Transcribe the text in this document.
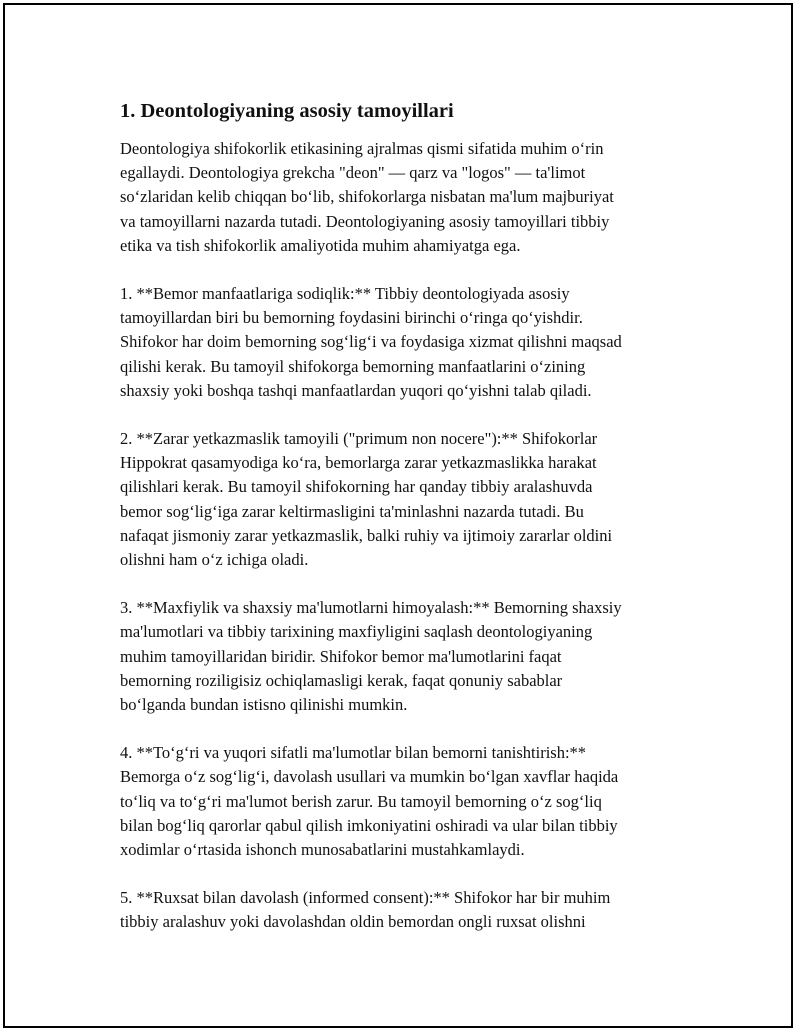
1. Deontologiyaning asosiy tamoyillari

Deontologiya shifokorlik etikasining ajralmas qismi sifatida muhim o‘rin
egallaydi. Deontologiya grekcha "deon" — qarz va "logos" — ta'limot
so‘zlaridan kelib chiqqan bo‘lib, shifokorlarga nisbatan ma'lum majburiyat
va tamoyillarni nazarda tutadi. Deontologiyaning asosiy tamoyillari tibbiy
etika va tish shifokorlik amaliyotida muhim ahamiyatga ega.

1. **Bemor manfaatlariga sodiqlik:** Tibbiy deontologiyada asosiy
tamoyillardan biri bu bemorning foydasini birinchi o‘ringa qo‘yishdir.
Shifokor har doim bemorning sog‘lig‘i va foydasiga xizmat qilishni maqsad
qilishi kerak. Bu tamoyil shifokorga bemorning manfaatlarini o‘zining
shaxsiy yoki boshqa tashqi manfaatlardan yuqori qo‘yishni talab qiladi.

2. **Zarar yetkazmaslik tamoyili ("primum non nocere"):** Shifokorlar
Hippokrat qasamyodiga ko‘ra, bemorlarga zarar yetkazmaslikka harakat
qilishlari kerak. Bu tamoyil shifokorning har qanday tibbiy aralashuvda
bemor sog‘lig‘iga zarar keltirmasligini ta'minlashni nazarda tutadi. Bu
nafaqat jismoniy zarar yetkazmaslik, balki ruhiy va ijtimoiy zararlar oldini
olishni ham o‘z ichiga oladi.

3. **Maxfiylik va shaxsiy ma'lumotlarni himoyalash:** Bemorning shaxsiy
ma'lumotlari va tibbiy tarixining maxfiyligini saqlash deontologiyaning
muhim tamoyillaridan biridir. Shifokor bemor ma'lumotlarini faqat
bemorning roziligisiz ochiqlamasligi kerak, faqat qonuniy sabablar
bo‘lganda bundan istisno qilinishi mumkin.

4. **To‘g‘ri va yuqori sifatli ma'lumotlar bilan bemorni tanishtirish:**
Bemorga o‘z sog‘lig‘i, davolash usullari va mumkin bo‘lgan xavflar haqida
to‘liq va to‘g‘ri ma'lumot berish zarur. Bu tamoyil bemorning o‘z sog‘liq
bilan bog‘liq qarorlar qabul qilish imkoniyatini oshiradi va ular bilan tibbiy
xodimlar o‘rtasida ishonch munosabatlarini mustahkamlaydi.

5. **Ruxsat bilan davolash (informed consent):** Shifokor har bir muhim
tibbiy aralashuv yoki davolashdan oldin bemordan ongli ruxsat olishni
